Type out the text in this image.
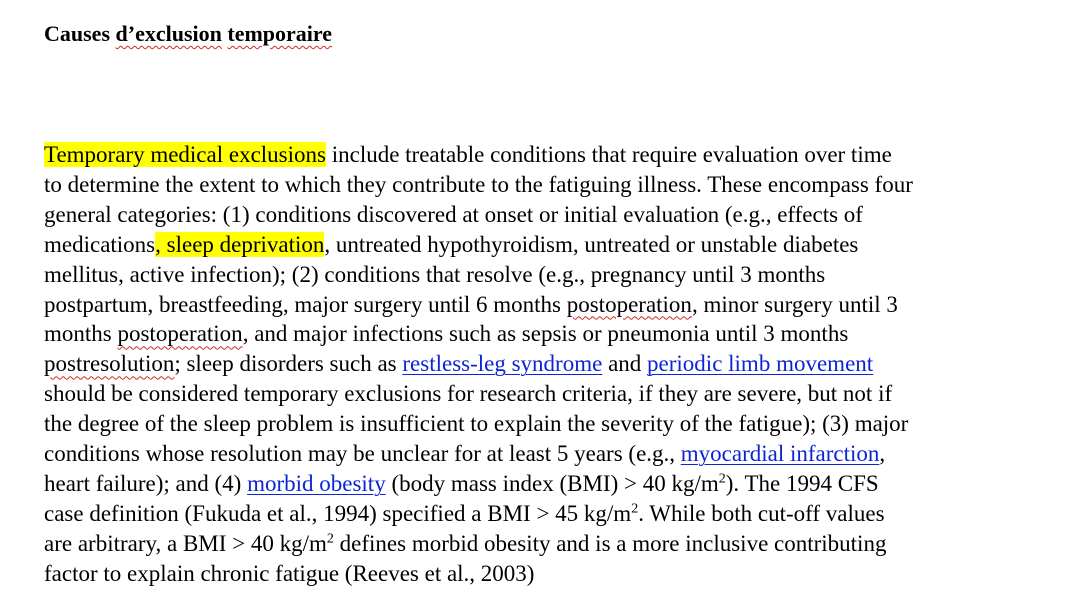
Causes d’exclusion temporaire
Temporary medical exclusions include treatable conditions that require evaluation over time
to determine the extent to which they contribute to the fatiguing illness. These encompass four
general categories: (1) conditions discovered at onset or initial evaluation (e.g., effects of
medications, sleep deprivation, untreated hypothyroidism, untreated or unstable diabetes
mellitus, active infection); (2) conditions that resolve (e.g., pregnancy until 3 months
postpartum, breastfeeding, major surgery until 6 months postoperation, minor surgery until 3
months postoperation, and major infections such as sepsis or pneumonia until 3 months
postresolution; sleep disorders such as restless-leg syndrome and periodic limb movement
should be considered temporary exclusions for research criteria, if they are severe, but not if
the degree of the sleep problem is insufficient to explain the severity of the fatigue); (3) major
conditions whose resolution may be unclear for at least 5 years (e.g., myocardial infarction,
heart failure); and (4) morbid obesity (body mass index (BMI) > 40 $kg/m^2$). The 1994 CFS
case definition (Fukuda et al., 1994) specified a BMI > 45 $kg/m^2$. While both cut-off values
are arbitrary, a BMI > 40 $kg/m^2$ defines morbid obesity and is a more inclusive contributing
factor to explain chronic fatigue (Reeves et al., 2003)
